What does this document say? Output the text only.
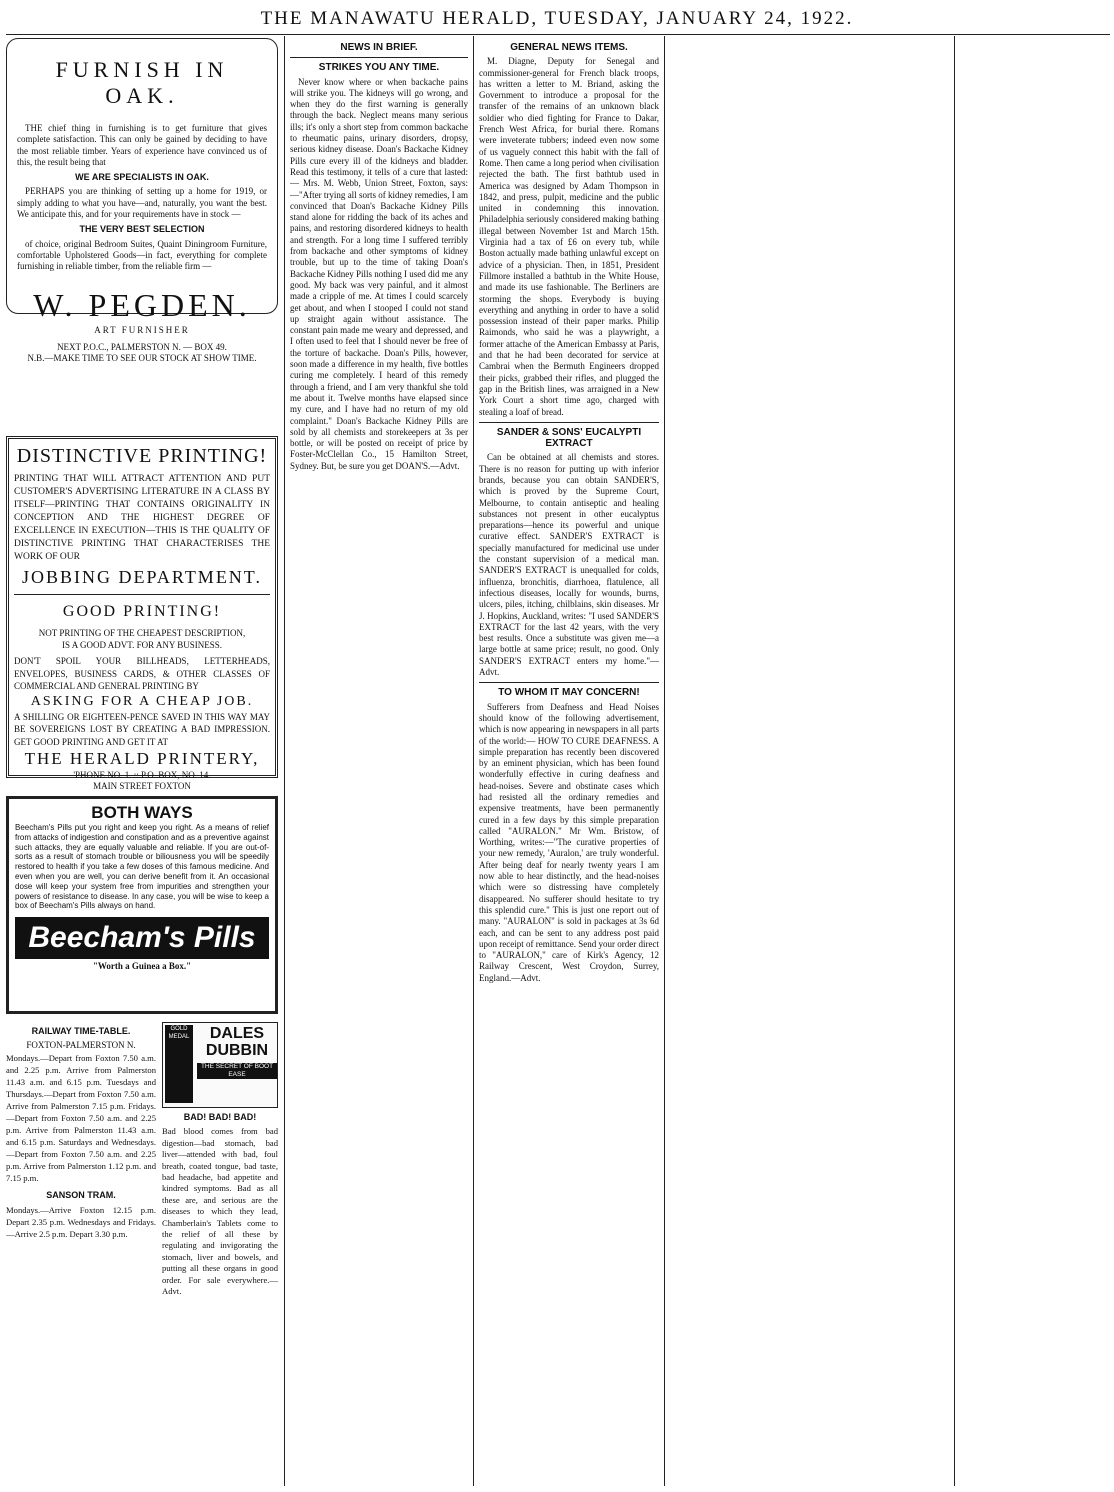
THE MANAWATU HERALD, TUESDAY, JANUARY 24, 1922.
FURNISH IN OAK.

THE chief thing in furnishing is to get furniture that gives complete satisfaction. This can only be gained by deciding to have the most reliable timber. Years of experience have convinced us of this, the result being that

WE ARE SPECIALISTS IN OAK.

PERHAPS you are thinking of setting up a home for 1919, or simply adding to what you have—and, naturally, you want the best. We anticipate this, and for your requirements have in stock —

THE VERY BEST SELECTION

of choice, original Bedroom Suites, Quaint Diningroom Furniture, comfortable Upholstered Goods—in fact, everything for complete furnishing in reliable timber, from the reliable firm —

W. PEGDEN.
ART FURNISHER
NEXT P.O.C., PALMERSTON N. — BOX 49.
N.B.—MAKE TIME TO SEE OUR STOCK AT SHOW TIME.
DISTINCTIVE PRINTING!
PRINTING THAT WILL ATTRACT ATTENTION AND PUT CUSTOMER'S ADVERTISING LITERATURE IN A CLASS BY ITSELF—PRINTING THAT CONTAINS ORIGINALITY IN CONCEPTION AND THE HIGHEST DEGREE OF EXCELLENCE IN EXECUTION—THIS IS THE QUALITY OF DISTINCTIVE PRINTING THAT CHARACTERISES THE WORK OF OUR
JOBBING DEPARTMENT.
GOOD PRINTING!
NOT PRINTING OF THE CHEAPEST DESCRIPTION, IS A GOOD ADVT. FOR ANY BUSINESS.
DON'T SPOIL YOUR BILLHEADS, LETTERHEADS, ENVELOPES, BUSINESS CARDS, & OTHER CLASSES OF COMMERCIAL AND GENERAL PRINTING BY
ASKING FOR A CHEAP JOB.
A SHILLING OR EIGHTEEN-PENCE SAVED IN THIS WAY MAY BE SOVEREIGNS LOST BY CREATING A BAD IMPRESSION. GET GOOD PRINTING AND GET IT AT
THE HERALD PRINTERY,
'PHONE NO. 1. :: P.O. BOX, NO. 14.
MAIN STREET FOXTON
BOTH WAYS
Beecham's Pills put you right and keep you right. As a means of relief from attacks of indigestion and constipation and as a preventive against such attacks, they are equally valuable and reliable. If you are out-of-sorts as a result of stomach trouble or biliousness you will be speedily restored to health if you take a few doses of this famous medicine. And even when you are well, you can derive benefit from it. An occasional dose will keep your system free from impurities and strengthen your powers of resistance to disease. In any case, you will be wise to keep a box of Beecham's Pills always on hand.
Beecham's Pills
"Worth a Guinea a Box."
RAILWAY TIME-TABLE.
FOXTON-PALMERSTON N.
Mondays.—Depart from Foxton 7.50 a.m. and 2.25 p.m. Arrive from Palmerston 11.43 a.m. and 6.15 p.m. Tuesdays and Thursdays.—Depart from Foxton 7.50 a.m. Arrive from Palmerston 7.15 p.m. Fridays.—Depart from Foxton 7.50 a.m. and 2.25 p.m. Arrive from Palmerston 11.43 a.m. and 6.15 p.m. Saturdays and Wednesdays.—Depart from Foxton 7.50 a.m. and 2.25 p.m. Arrive from Palmerston 1.12 p.m. and 7.15 p.m.
SANSON TRAM.
Mondays.—Arrive Foxton 12.15 p.m. Depart 2.35 p.m. Wednesdays and Fridays.—Arrive 2.5 p.m. Depart 3.30 p.m.
GOLD MEDAL	DALES DUBBIN
THE SECRET OF BOOT EASE
BAD! BAD! BAD!
Bad blood comes from bad digestion—bad stomach, bad liver—attended with bad, foul breath, coated tongue, bad taste, bad headache, bad appetite and kindred symptoms. Bad as all these are, and serious are the diseases to which they lead, Chamberlain's Tablets come to the relief of all these by regulating and invigorating the stomach, liver and bowels, and putting all these organs in good order. For sale everywhere.—Advt.
NEWS IN BRIEF.
STRIKES YOU ANY TIME.

Never know where or when backache pains will strike you. The kidneys will go wrong, and when they do the first warning is generally through the back. Neglect means many serious ills; it's only a short step from common backache to rheumatic pains, urinary disorders, dropsy, serious kidney disease. Doan's Backache Kidney Pills cure every ill of the kidneys and bladder. Read this testimony, it tells of a cure that lasted:— Mrs. M. Webb, Union Street, Foxton, says:—"After trying all sorts of kidney remedies, I am convinced that Doan's Backache Kidney Pills stand alone for ridding the back of its aches and pains, and restoring disordered kidneys to health and strength. For a long time I suffered terribly from backache and other symptoms of kidney trouble, but up to the time of taking Doan's Backache Kidney Pills nothing I used did me any good. My back was very painful, and it almost made a cripple of me. At times I could scarcely get about, and when I stooped I could not stand up straight again without assistance. The constant pain made me weary and depressed, and I often used to feel that I should never be free of the torture of backache. Doan's Pills, however, soon made a difference in my health, five bottles curing me completely. I heard of this remedy through a friend, and I am very thankful she told me about it. Twelve months have elapsed since my cure, and I have had no return of my old complaint." Doan's Backache Kidney Pills are sold by all chemists and storekeepers at 3s per bottle, or will be posted on receipt of price by Foster-McClellan Co., 15 Hamilton Street, Sydney. But, be sure you get DOAN'S.—Advt.

GENERAL NEWS ITEMS.

M. Diagne, Deputy for Senegal and commissioner-general for French black troops, has written a letter to M. Briand, asking the Government to introduce a proposal for the transfer of the remains of an unknown black soldier who died fighting for France to Dakar, French West Africa, for burial there. Romans were inveterate tubbers; indeed even now some of us vaguely connect this habit with the fall of Rome. Then came a long period when civilisation rejected the bath. The first bathtub used in America was designed by Adam Thompson in 1842, and press, pulpit, medicine and the public united in condemning this innovation. Philadelphia seriously considered making bathing illegal between November 1st and March 15th. Virginia had a tax of £6 on every tub, while Boston actually made bathing unlawful except on advice of a physician. Then, in 1851, President Fillmore installed a bathtub in the White House, and made its use fashionable. The Berliners are storming the shops. Everybody is buying everything and anything in order to have a solid possession instead of their paper marks. Philip Raimonds, who said he was a playwright, a former attache of the American Embassy at Paris, and that he had been decorated for service at Cambrai when the Bermuth Engineers dropped their picks, grabbed their rifles, and plugged the gap in the British lines, was arraigned in a New York Court a short time ago, charged with stealing a loaf of bread.

SANDER & SONS' EUCALYPTI EXTRACT

Can be obtained at all chemists and stores. There is no reason for putting up with inferior brands, because you can obtain SANDER'S, which is proved by the Supreme Court, Melbourne, to contain antiseptic and healing substances not present in other eucalyptus preparations—hence its powerful and unique curative effect. SANDER'S EXTRACT is specially manufactured for medicinal use under the constant supervision of a medical man. SANDER'S EXTRACT is unequalled for colds, influenza, bronchitis, diarrhoea, flatulence, all infectious diseases, locally for wounds, burns, ulcers, piles, itching, chilblains, skin diseases. Mr J. Hopkins, Auckland, writes: "I used SANDER'S EXTRACT for the last 42 years, with the very best results. Once a substitute was given me—a large bottle at same price; result, no good. Only SANDER'S EXTRACT enters my home."—Advt.

TO WHOM IT MAY CONCERN!

Sufferers from Deafness and Head Noises should know of the following advertisement, which is now appearing in newspapers in all parts of the world:— HOW TO CURE DEAFNESS. A simple preparation has recently been discovered by an eminent physician, which has been found wonderfully effective in curing deafness and head-noises. Severe and obstinate cases which had resisted all the ordinary remedies and expensive treatments, have been permanently cured in a few days by this simple preparation called "AURALON." Mr Wm. Bristow, of Worthing, writes:—"The curative properties of your new remedy, 'Auralon,' are truly wonderful. After being deaf for nearly twenty years I am now able to hear distinctly, and the head-noises which were so distressing have completely disappeared. No sufferer should hesitate to try this splendid cure." This is just one report out of many. "AURALON" is sold in packages at 3s 6d each, and can be sent to any address post paid upon receipt of remittance. Send your order direct to "AURALON," care of Kirk's Agency, 12 Railway Crescent, West Croydon, Surrey, England.—Advt.
